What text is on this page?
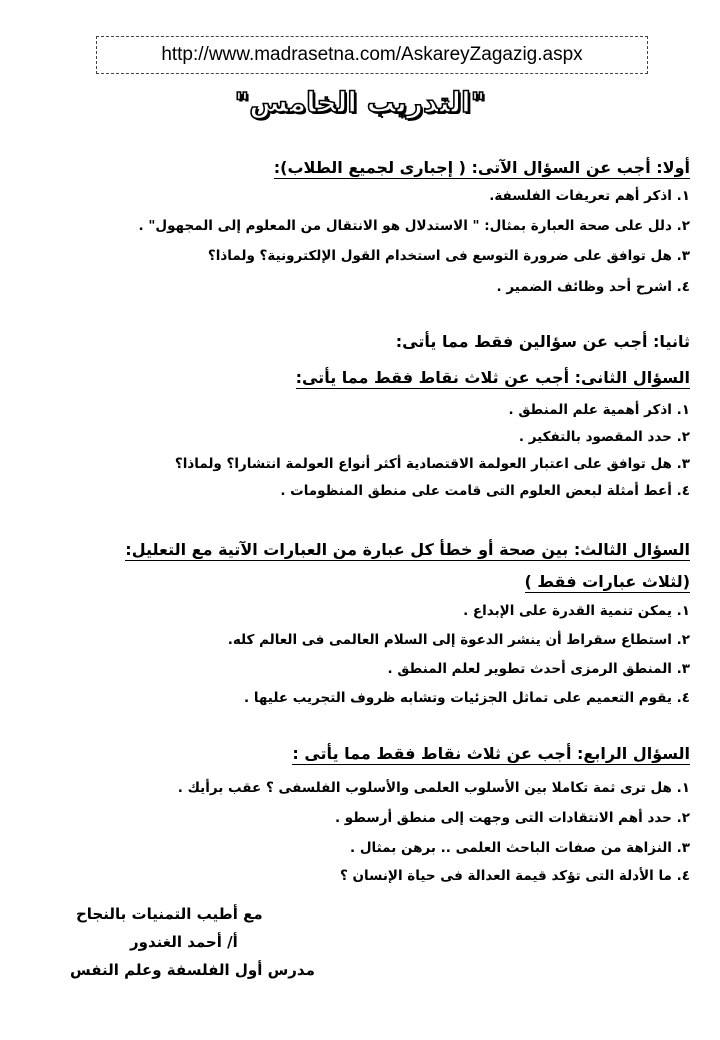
http://www.madrasetna.com/AskareyZagazig.aspx
"التدريب الخامس"
أولا: أجب عن السؤال الآتى: ( إجبارى لجميع الطلاب):
١. اذكر أهم تعريفات الفلسفة.
٢. دلل على صحة العبارة بمثال: " الاستدلال هو الانتقال من المعلوم إلى المجهول" .
٣. هل توافق على ضرورة التوسع فى استخدام القول الإلكترونية؟ ولماذا؟
٤. اشرح أحد وظائف الضمير .
ثانيا: أجب عن سؤالين فقط مما يأتى:
السؤال الثانى: أجب عن ثلاث نقاط فقط مما يأتى:
١. اذكر أهمية علم المنطق .
٢. حدد المقصود بالتفكير .
٣. هل توافق على اعتبار العولمة الاقتصادية أكثر أنواع العولمة انتشارا؟ ولماذا؟
٤. أعط أمثلة لبعض العلوم التى قامت على منطق المنظومات .
السؤال الثالث: بين صحة أو خطأ كل عبارة من العبارات الآتية مع التعليل:
(لثلاث عبارات فقط )
١. يمكن تنمية القدرة على الإبداع .
٢. استطاع سقراط أن ينشر الدعوة إلى السلام العالمى فى العالم كله.
٣. المنطق الرمزى أحدث تطوير لعلم المنطق .
٤. يقوم التعميم على تماثل الجزئيات وتشابه ظروف التجريب عليها .
السؤال الرابع: أجب عن ثلاث نقاط فقط مما يأتى :
١. هل ترى ثمة تكاملا بين الأسلوب العلمى والأسلوب الفلسفى ؟ عقب برأيك .
٢. حدد أهم الانتقادات التى وجهت إلى منطق أرسطو .
٣. النزاهة من صفات الباحث العلمى .. برهن بمثال .
٤. ما الأدلة التى تؤكد قيمة العدالة فى حياة الإنسان ؟
مع أطيب التمنيات بالنجاح
أ/ أحمد الغندور
مدرس أول الفلسفة وعلم النفس
